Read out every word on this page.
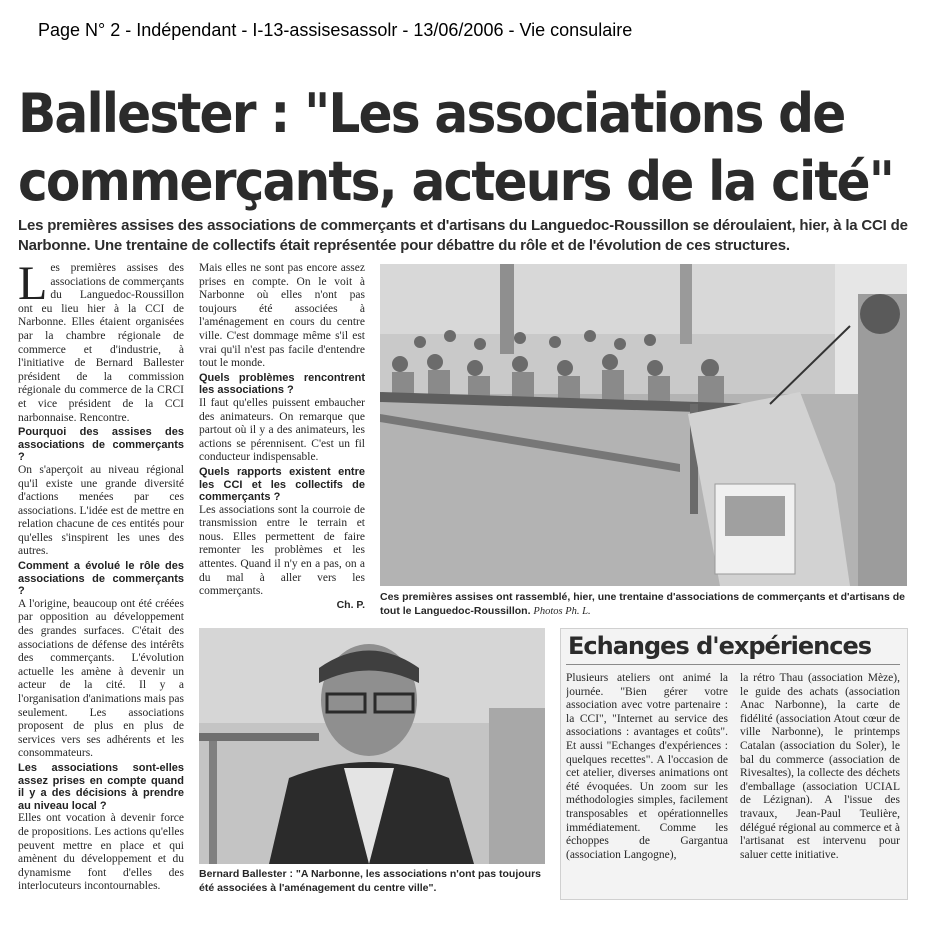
Page N° 2 - Indépendant - I-13-assisesassolr - 13/06/2006 - Vie consulaire
Ballester : "Les associations de
commerçants, acteurs de la cité"
Les premières assises des associations de commerçants et d'artisans du Languedoc-Roussillon se déroulaient, hier, à la CCI de Narbonne. Une trentaine de collectifs était représentée pour débattre du rôle et de l'évolution de ces structures.

Les premières assises des associations de commerçants du Languedoc-Roussillon ont eu lieu hier à la CCI de Narbonne. Elles étaient organisées par la chambre régionale de commerce et d'industrie, à l'initiative de Bernard Ballester président de la commission régionale du commerce de la CRCI et vice président de la CCI narbonnaise. Rencontre.

Pourquoi des assises des associations de commerçants ?

On s'aperçoit au niveau régional qu'il existe une grande diversité d'actions menées par ces associations. L'idée est de mettre en relation chacune de ces entités pour qu'elles s'inspirent les unes des autres.

Comment a évolué le rôle des associations de commerçants ?

A l'origine, beaucoup ont été créées par opposition au développement des grandes surfaces. C'était des associations de défense des intérêts des commerçants. L'évolution actuelle les amène à devenir un acteur de la cité. Il y a l'organisation d'animations mais pas seulement. Les associations proposent de plus en plus de services vers ses adhérents et les consommateurs.

Les associations sont-elles assez prises en compte quand il y a des décisions à prendre au niveau local ?

Elles ont vocation à devenir force de propositions. Les actions qu'elles peuvent mettre en place et qui amènent du développement et du dynamisme font d'elles des interlocuteurs incontournables.

Mais elles ne sont pas encore assez prises en compte. On le voit à Narbonne où elles n'ont pas toujours été associées à l'aménagement en cours du centre ville. C'est dommage même s'il est vrai qu'il n'est pas facile d'entendre tout le monde.

Quels problèmes rencontrent les associations ?

Il faut qu'elles puissent embaucher des animateurs. On remarque que partout où il y a des animateurs, les actions se pérennisent. C'est un fil conducteur indispensable.

Quels rapports existent entre les CCI et les collectifs de commerçants ?

Les associations sont la courroie de transmission entre le terrain et nous. Elles permettent de faire remonter les problèmes et les attentes. Quand il n'y en a pas, on a du mal à aller vers les commerçants.

Ch. P.

Ces premières assises ont rassemblé, hier, une trentaine d'associations de commerçants et d'artisans de tout le Languedoc-Roussillon. Photos Ph. L.
Bernard Ballester : "A Narbonne, les associations n'ont pas toujours été associées à l'aménagement du centre ville".
Echanges d'expériences
Plusieurs ateliers ont animé la journée. "Bien gérer votre association avec votre partenaire : la CCI", "Internet au service des associations : avantages et coûts". Et aussi "Echanges d'expériences : quelques recettes". A l'occasion de cet atelier, diverses animations ont été évoquées. Un zoom sur les méthodologies simples, facilement transposables et opérationnelles immédiatement. Comme les échoppes de Gargantua (association Langogne),
la rétro Thau (association Mèze), le guide des achats (association Anac Narbonne), la carte de fidélité (association Atout cœur de ville Narbonne), le printemps Catalan (association du Soler), le bal du commerce (association de Rivesaltes), la collecte des déchets d'emballage (association UCIAL de Lézignan). A l'issue des travaux, Jean-Paul Teulière, délégué régional au commerce et à l'artisanat est intervenu pour saluer cette initiative.
